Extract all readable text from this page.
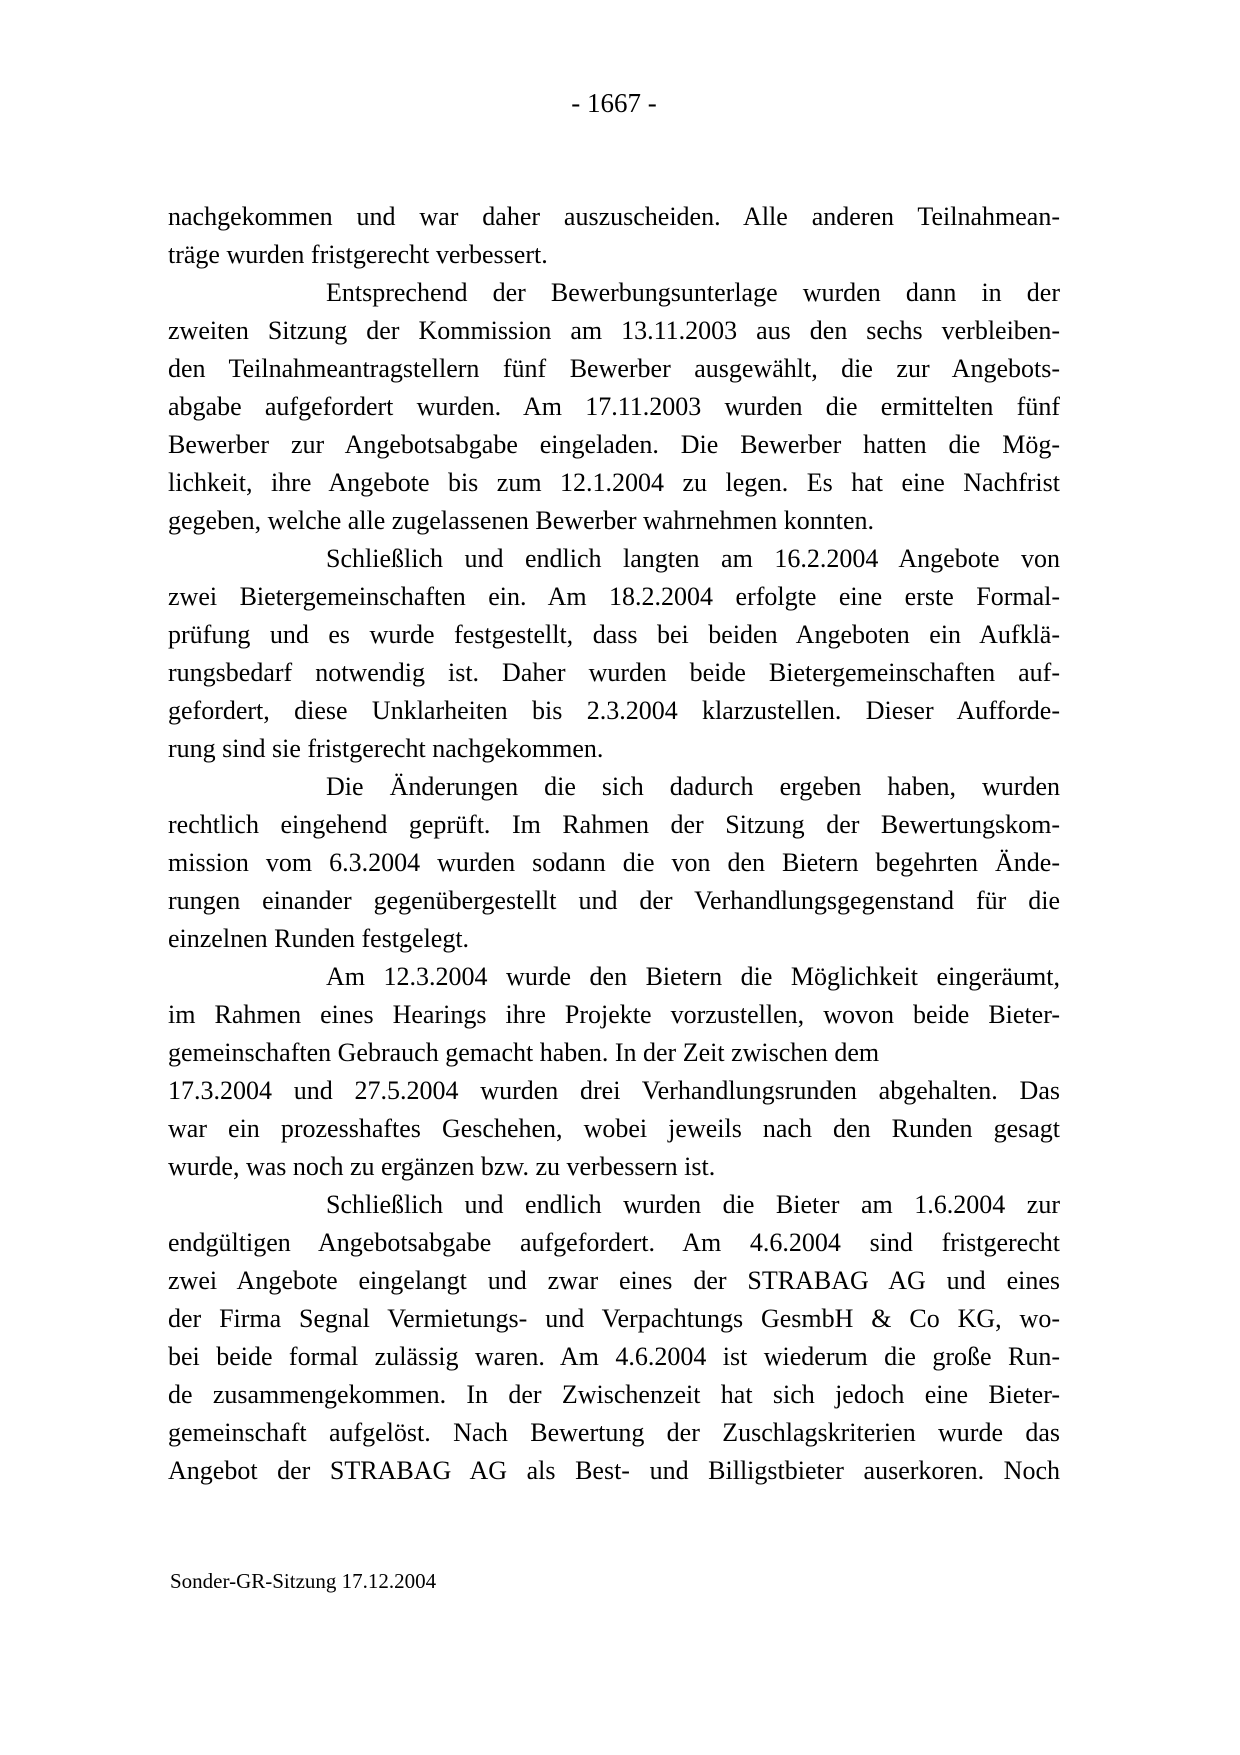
- 1667 -
nachgekommen und war daher auszuscheiden. Alle anderen Teilnahmean-
träge wurden fristgerecht verbessert.
Entsprechend der Bewerbungsunterlage wurden dann in der
zweiten Sitzung der Kommission am 13.11.2003 aus den sechs verbleiben-
den Teilnahmeantragstellern fünf Bewerber ausgewählt, die zur Angebots-
abgabe aufgefordert wurden. Am 17.11.2003 wurden die ermittelten fünf
Bewerber zur Angebotsabgabe eingeladen. Die Bewerber hatten die Mög-
lichkeit, ihre Angebote bis zum 12.1.2004 zu legen. Es hat eine Nachfrist
gegeben, welche alle zugelassenen Bewerber wahrnehmen konnten.
Schließlich und endlich langten am 16.2.2004 Angebote von
zwei Bietergemeinschaften ein. Am 18.2.2004 erfolgte eine erste Formal-
prüfung und es wurde festgestellt, dass bei beiden Angeboten ein Aufklä-
rungsbedarf notwendig ist. Daher wurden beide Bietergemeinschaften auf-
gefordert, diese Unklarheiten bis 2.3.2004 klarzustellen. Dieser Aufforde-
rung sind sie fristgerecht nachgekommen.
Die Änderungen die sich dadurch ergeben haben, wurden
rechtlich eingehend geprüft. Im Rahmen der Sitzung der Bewertungskom-
mission vom 6.3.2004 wurden sodann die von den Bietern begehrten Ände-
rungen einander gegenübergestellt und der Verhandlungsgegenstand für die
einzelnen Runden festgelegt.
Am 12.3.2004 wurde den Bietern die Möglichkeit eingeräumt,
im Rahmen eines Hearings ihre Projekte vorzustellen, wovon beide Bieter-
gemeinschaften Gebrauch gemacht haben. In der Zeit zwischen dem
17.3.2004 und 27.5.2004 wurden drei Verhandlungsrunden abgehalten. Das
war ein prozesshaftes Geschehen, wobei jeweils nach den Runden gesagt
wurde, was noch zu ergänzen bzw. zu verbessern ist.
Schließlich und endlich wurden die Bieter am 1.6.2004 zur
endgültigen Angebotsabgabe aufgefordert. Am 4.6.2004 sind fristgerecht
zwei Angebote eingelangt und zwar eines der STRABAG AG und eines
der Firma Segnal Vermietungs- und Verpachtungs GesmbH & Co KG, wo-
bei beide formal zulässig waren. Am 4.6.2004 ist wiederum die große Run-
de zusammengekommen. In der Zwischenzeit hat sich jedoch eine Bieter-
gemeinschaft aufgelöst. Nach Bewertung der Zuschlagskriterien wurde das
Angebot der STRABAG AG als Best- und Billigstbieter auserkoren. Noch
Sonder-GR-Sitzung 17.12.2004
